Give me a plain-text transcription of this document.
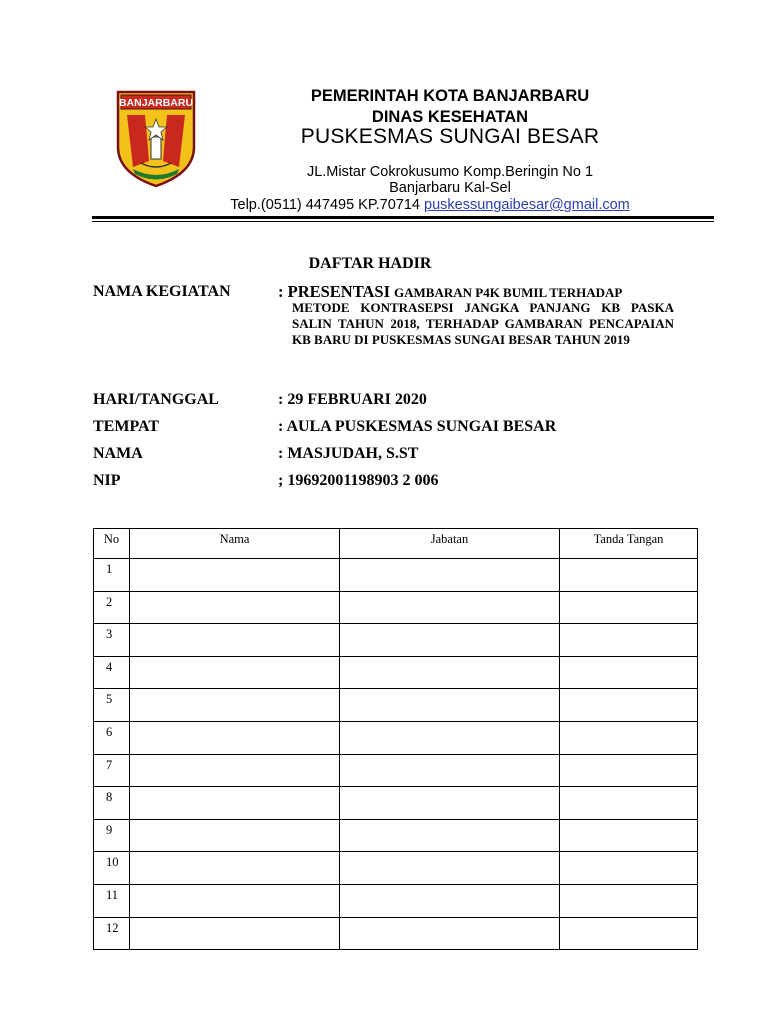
BANJARBARU	PEMERINTAH KOTA BANJARBARU
DINAS KESEHATAN
PUSKESMAS SUNGAI BESAR
JL.Mistar Cokrokusumo Komp.Beringin No 1
Banjarbaru Kal-Sel
Telp.(0511) 447495 KP.70714 puskessungaibesar@gmail.com
DAFTAR HADIR
NAMA KEGIATAN	: PRESENTASI GAMBARAN P4K BUMIL TERHADAP
METODE KONTRASEPSI JANGKA PANJANG KB PASKA SALIN TAHUN 2018, TERHADAP GAMBARAN PENCAPAIAN KB BARU DI PUSKESMAS SUNGAI BESAR TAHUN 2019
HARI/TANGGAL	: 29 FEBRUARI 2020
TEMPAT	: AULA PUSKESMAS SUNGAI BESAR
NAMA	: MASJUDAH, S.ST
NIP	; 19692001198903 2 006
No	Nama	Jabatan	Tanda Tangan
1			
2			
3			
4			
5			
6			
7			
8			
9			
10			
11			
12			
